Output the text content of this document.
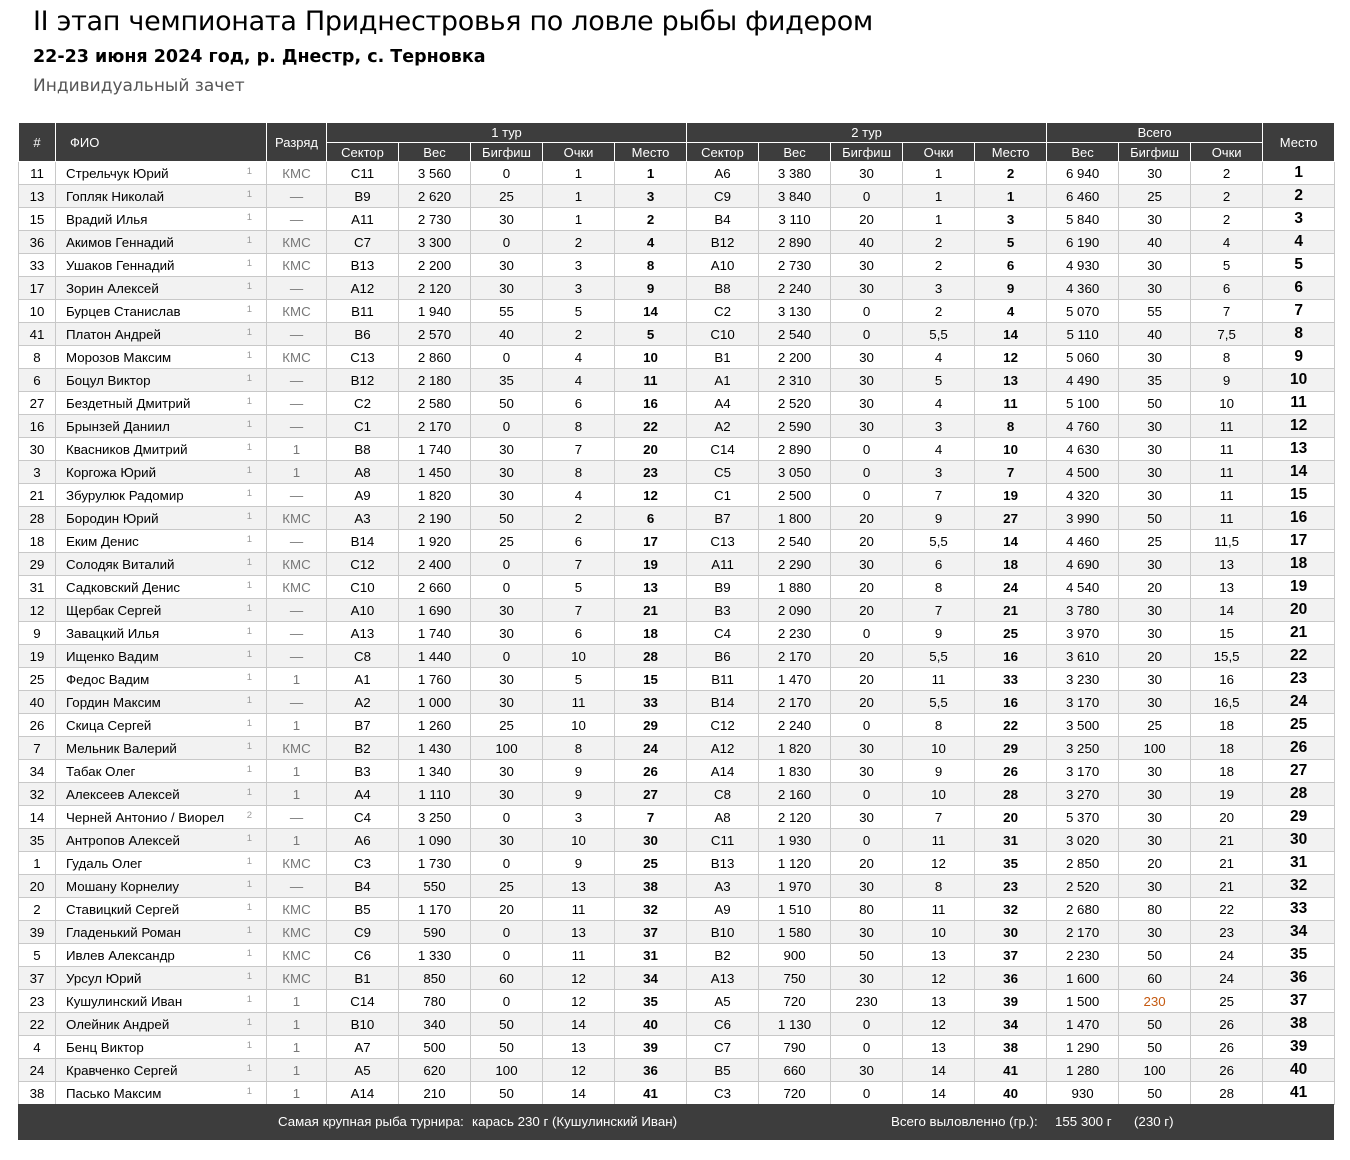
II этап чемпионата Приднестровья по ловле рыбы фидером
22-23 июня 2024 год, р. Днестр, с. Терновка
Индивидуальный зачет
#	ФИО	Разряд	1 тур					2 тур					Всего			Место
			Сектор	Вес	Бигфиш	Очки	Место	Сектор	Вес	Бигфиш	Очки	Место	Вес	Бигфиш	Очки	
11	Стрельчук Юрий 1	КМС	C11	3 560	0	1	1	A6	3 380	30	1	2	6 940	30	2	1
13	Гопляк Николай 1	—	B9	2 620	25	1	3	C9	3 840	0	1	1	6 460	25	2	2
15	Врадий Илья 1	—	A11	2 730	30	1	2	B4	3 110	20	1	3	5 840	30	2	3
36	Акимов Геннадий 1	КМС	C7	3 300	0	2	4	B12	2 890	40	2	5	6 190	40	4	4
33	Ушаков Геннадий 1	КМС	B13	2 200	30	3	8	A10	2 730	30	2	6	4 930	30	5	5
17	Зорин Алексей 1	—	A12	2 120	30	3	9	B8	2 240	30	3	9	4 360	30	6	6
10	Бурцев Станислав 1	КМС	B11	1 940	55	5	14	C2	3 130	0	2	4	5 070	55	7	7
41	Платон Андрей 1	—	B6	2 570	40	2	5	C10	2 540	0	5,5	14	5 110	40	7,5	8
8	Морозов Максим 1	КМС	C13	2 860	0	4	10	B1	2 200	30	4	12	5 060	30	8	9
6	Боцул Виктор 1	—	B12	2 180	35	4	11	A1	2 310	30	5	13	4 490	35	9	10
27	Бездетный Дмитрий 1	—	C2	2 580	50	6	16	A4	2 520	30	4	11	5 100	50	10	11
16	Брынзей Даниил 1	—	C1	2 170	0	8	22	A2	2 590	30	3	8	4 760	30	11	12
30	Квасников Дмитрий 1	1	B8	1 740	30	7	20	C14	2 890	0	4	10	4 630	30	11	13
3	Коргожа Юрий 1	1	A8	1 450	30	8	23	C5	3 050	0	3	7	4 500	30	11	14
21	Збурулюк Радомир 1	—	A9	1 820	30	4	12	C1	2 500	0	7	19	4 320	30	11	15
28	Бородин Юрий 1	КМС	A3	2 190	50	2	6	B7	1 800	20	9	27	3 990	50	11	16
18	Еким Денис 1	—	B14	1 920	25	6	17	C13	2 540	20	5,5	14	4 460	25	11,5	17
29	Солодяк Виталий 1	КМС	C12	2 400	0	7	19	A11	2 290	30	6	18	4 690	30	13	18
31	Садковский Денис 1	КМС	C10	2 660	0	5	13	B9	1 880	20	8	24	4 540	20	13	19
12	Щербак Сергей 1	—	A10	1 690	30	7	21	B3	2 090	20	7	21	3 780	30	14	20
9	Завацкий Илья 1	—	A13	1 740	30	6	18	C4	2 230	0	9	25	3 970	30	15	21
19	Ищенко Вадим 1	—	C8	1 440	0	10	28	B6	2 170	20	5,5	16	3 610	20	15,5	22
25	Федос Вадим 1	1	A1	1 760	30	5	15	B11	1 470	20	11	33	3 230	30	16	23
40	Гордин Максим 1	—	A2	1 000	30	11	33	B14	2 170	20	5,5	16	3 170	30	16,5	24
26	Скица Сергей 1	1	B7	1 260	25	10	29	C12	2 240	0	8	22	3 500	25	18	25
7	Мельник Валерий 1	КМС	B2	1 430	100	8	24	A12	1 820	30	10	29	3 250	100	18	26
34	Табак Олег 1	1	B3	1 340	30	9	26	A14	1 830	30	9	26	3 170	30	18	27
32	Алексеев Алексей 1	1	A4	1 110	30	9	27	C8	2 160	0	10	28	3 270	30	19	28
14	Черней Антонио / Виорел 2	—	C4	3 250	0	3	7	A8	2 120	30	7	20	5 370	30	20	29
35	Антропов Алексей 1	1	A6	1 090	30	10	30	C11	1 930	0	11	31	3 020	30	21	30
1	Гудаль Олег 1	КМС	C3	1 730	0	9	25	B13	1 120	20	12	35	2 850	20	21	31
20	Мошану Корнелиу 1	—	B4	550	25	13	38	A3	1 970	30	8	23	2 520	30	21	32
2	Ставицкий Сергей 1	КМС	B5	1 170	20	11	32	A9	1 510	80	11	32	2 680	80	22	33
39	Гладенький Роман 1	КМС	C9	590	0	13	37	B10	1 580	30	10	30	2 170	30	23	34
5	Ивлев Александр 1	КМС	C6	1 330	0	11	31	B2	900	50	13	37	2 230	50	24	35
37	Урсул Юрий 1	КМС	B1	850	60	12	34	A13	750	30	12	36	1 600	60	24	36
23	Кушулинский Иван 1	1	C14	780	0	12	35	A5	720	230	13	39	1 500	230	25	37
22	Олейник Андрей 1	1	B10	340	50	14	40	C6	1 130	0	12	34	1 470	50	26	38
4	Бенц Виктор 1	1	A7	500	50	13	39	C7	790	0	13	38	1 290	50	26	39
24	Кравченко Сергей 1	1	A5	620	100	12	36	B5	660	30	14	41	1 280	100	26	40
38	Пасько Максим 1	1	A14	210	50	14	41	C3	720	0	14	40	930	50	28	41
Самая крупная рыба турнира: карась 230 г (Кушулинский Иван)	Всего выловленно (гр.): 155 300 г (230 г)
